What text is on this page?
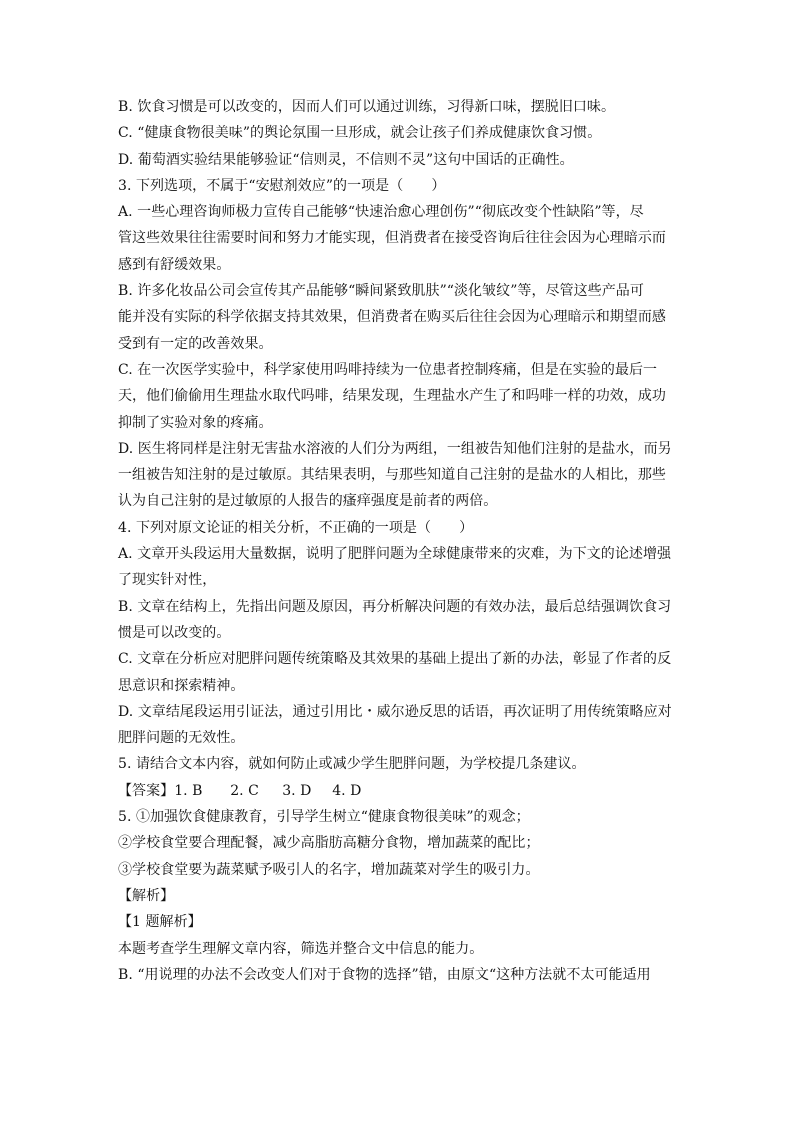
B. 饮食习惯是可以改变的，因而人们可以通过训练，习得新口味，摆脱旧口味。

C. “健康食物很美味”的舆论氛围一旦形成，就会让孩子们养成健康饮食习惯。

D. 葡萄酒实验结果能够验证“信则灵，不信则不灵”这句中国话的正确性。

3. 下列选项，不属于“安慰剂效应”的一项是（　　）

A. 一些心理咨询师极力宣传自己能够“快速治愈心理创伤”“彻底改变个性缺陷”等，尽

管这些效果往往需要时间和努力才能实现，但消费者在接受咨询后往往会因为心理暗示而

感到有舒缓效果。

B. 许多化妆品公司会宣传其产品能够“瞬间紧致肌肤”“淡化皱纹”等，尽管这些产品可

能并没有实际的科学依据支持其效果，但消费者在购买后往往会因为心理暗示和期望而感

受到有一定的改善效果。

C. 在一次医学实验中，科学家使用吗啡持续为一位患者控制疼痛，但是在实验的最后一

天，他们偷偷用生理盐水取代吗啡，结果发现，生理盐水产生了和吗啡一样的功效，成功

抑制了实验对象的疼痛。

D. 医生将同样是注射无害盐水溶液的人们分为两组，一组被告知他们注射的是盐水，而另

一组被告知注射的是过敏原。其结果表明，与那些知道自己注射的是盐水的人相比，那些

认为自己注射的是过敏原的人报告的瘙痒强度是前者的两倍。

4. 下列对原文论证的相关分析，不正确的一项是（　　）

A. 文章开头段运用大量数据，说明了肥胖问题为全球健康带来的灾难，为下文的论述增强

了现实针对性，

B. 文章在结构上，先指出问题及原因，再分析解决问题的有效办法，最后总结强调饮食习

惯是可以改变的。

C. 文章在分析应对肥胖问题传统策略及其效果的基础上提出了新的办法，彰显了作者的反

思意识和探索精神。

D. 文章结尾段运用引证法，通过引用比・威尔逊反思的话语，再次证明了用传统策略应对

肥胖问题的无效性。

5. 请结合文本内容，就如何防止或减少学生肥胖问题，为学校提几条建议。

【答案】1. B 2. C 3. D 4. D

5. ①加强饮食健康教育，引导学生树立“健康食物很美味”的观念；

②学校食堂要合理配餐，减少高脂肪高糖分食物，增加蔬菜的配比；

③学校食堂要为蔬菜赋予吸引人的名字，增加蔬菜对学生的吸引力。

【解析】

【1 题解析】

本题考查学生理解文章内容，筛选并整合文中信息的能力。

B. “用说理的办法不会改变人们对于食物的选择”错，由原文“这种方法就不太可能适用
